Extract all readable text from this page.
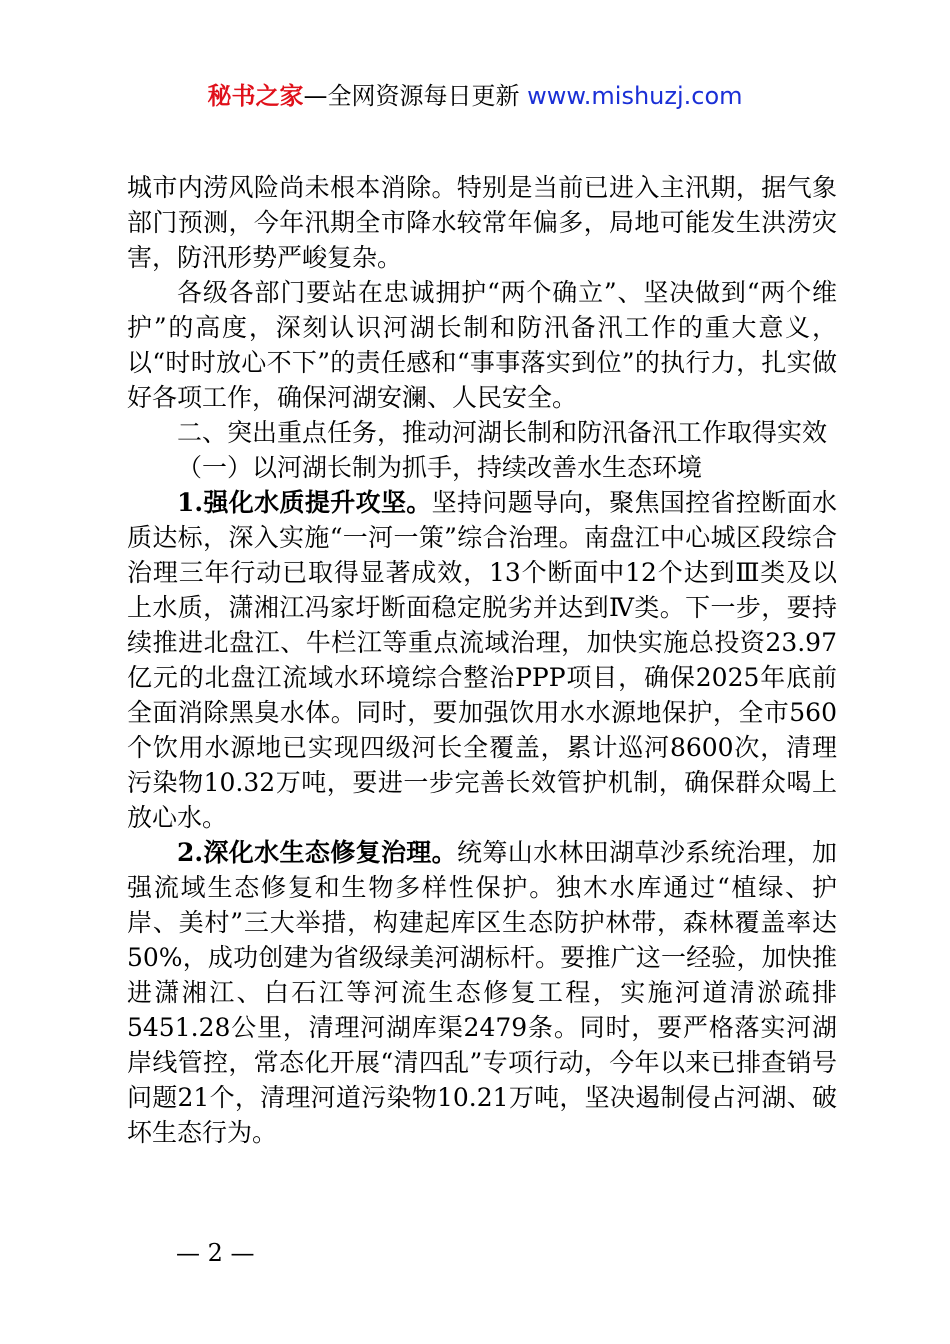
秘书之家—全网资源每日更新 www.mishuzj.com

城市内涝风险尚未根本消除。特别是当前已进入主汛期，据气象部门预测，今年汛期全市降水较常年偏多，局地可能发生洪涝灾害，防汛形势严峻复杂。

各级各部门要站在忠诚拥护“两个确立”、坚决做到“两个维护”的高度，深刻认识河湖长制和防汛备汛工作的重大意义，以“时时放心不下”的责任感和“事事落实到位”的执行力，扎实做好各项工作，确保河湖安澜、人民安全。

二、突出重点任务，推动河湖长制和防汛备汛工作取得实效

（一）以河湖长制为抓手，持续改善水生态环境

1.强化水质提升攻坚。坚持问题导向，聚焦国控省控断面水质达标，深入实施“一河一策”综合治理。南盘江中心城区段综合治理三年行动已取得显著成效，13个断面中12个达到Ⅲ类及以上水质，潇湘江冯家圩断面稳定脱劣并达到Ⅳ类。下一步，要持续推进北盘江、牛栏江等重点流域治理，加快实施总投资23.97亿元的北盘江流域水环境综合整治PPP项目，确保2025年底前全面消除黑臭水体。同时，要加强饮用水水源地保护，全市560个饮用水源地已实现四级河长全覆盖，累计巡河8600次，清理污染物10.32万吨，要进一步完善长效管护机制，确保群众喝上放心水。

2.深化水生态修复治理。统筹山水林田湖草沙系统治理，加强流域生态修复和生物多样性保护。独木水库通过“植绿、护岸、美村”三大举措，构建起库区生态防护林带，森林覆盖率达50%，成功创建为省级绿美河湖标杆。要推广这一经验，加快推进潇湘江、白石江等河流生态修复工程，实施河道清淤疏排5451.28公里，清理河湖库渠2479条。同时，要严格落实河湖岸线管控，常态化开展“清四乱”专项行动，今年以来已排查销号问题21个，清理河道污染物10.21万吨，坚决遏制侵占河湖、破坏生态行为。

— 2 —
